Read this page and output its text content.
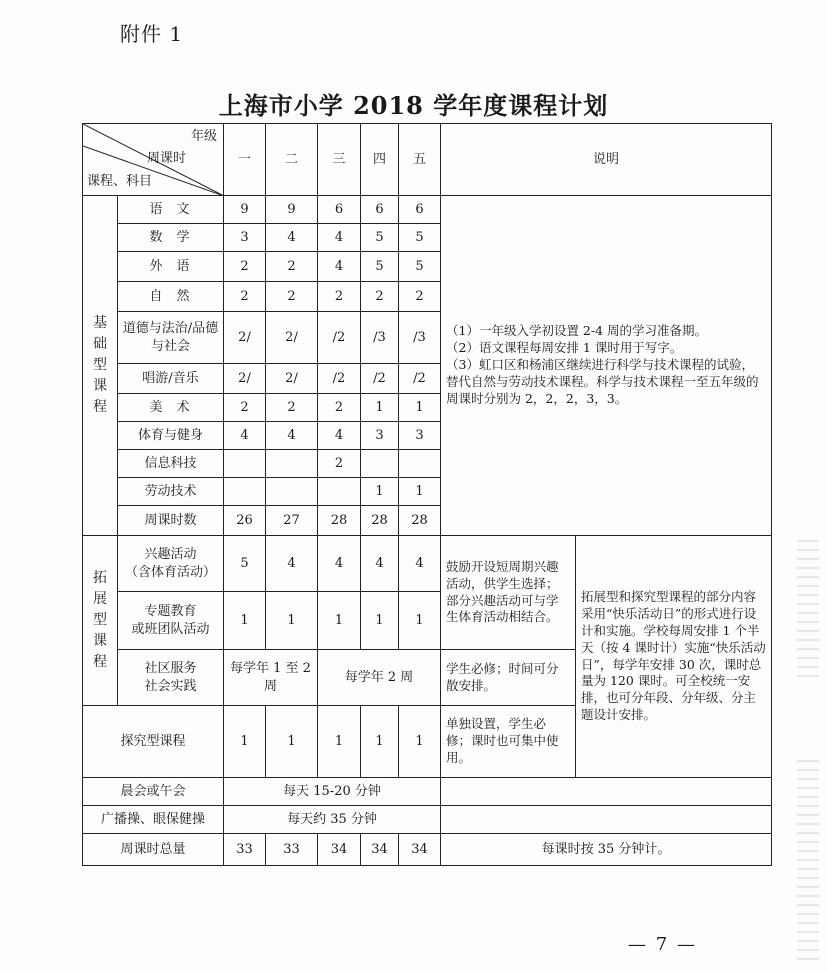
附件 1
上海市小学 2018 学年度课程计划
年级
周课时
课程、科目		一	二	三	四	五	说明	

基础型课程	语文	9	9	6	6	6	（1）一年级入学初设置 2-4 周的学习准备期。
（2）语文课程每周安排 1 课时用于写字。
（3）虹口区和杨浦区继续进行科学与技术课程的试验，替代自然与劳动技术课程。科学与技术课程一至五年级的周课时分别为 2，2，2，3，3。	

	数学	3	4	4	5	5		
	外语	2	2	4	5	5		
	自然	2	2	2	2	2		
	道德与法治/品德与社会	2/	2/	/2	/3	/3		
	唱游/音乐	2/	2/	/2	/2	/2		
	美术	2	2	2	1	1		
	体育与健身	4	4	4	3	3		
	信息科技			2				
	劳动技术				1	1		
	周课时数	26	27	28	28	28		

拓展型课程	兴趣活动
（含体育活动）	5	4	4	4	4	鼓励开设短周期兴趣活动，供学生选择；部分兴趣活动可与学生体育活动相结合。	拓展型和探究型课程的部分内容采用“快乐活动日”的形式进行设计和实施。学校每周安排 1 个半天（按 4 课时计）实施“快乐活动日”，每学年安排 30 次，课时总量为 120 课时。可全校统一安排，也可分年段、分年级、分主题设计安排。

	专题教育
或班团队活动	1	1	1	1	1		

	社区服务
社会实践	每学年 1 至 2 周		每学年 2 周			学生必修；时间可分散安排。	
探究型课程		1	1	1	1	1	单独设置，学生必修；课时也可集中使用。	
晨会或午会		每天 15-20 分钟						
广播操、眼保健操		每天约 35 分钟						
周课时总量		33	33	34	34	34	每课时按 35 分钟计。	
— 7 —
